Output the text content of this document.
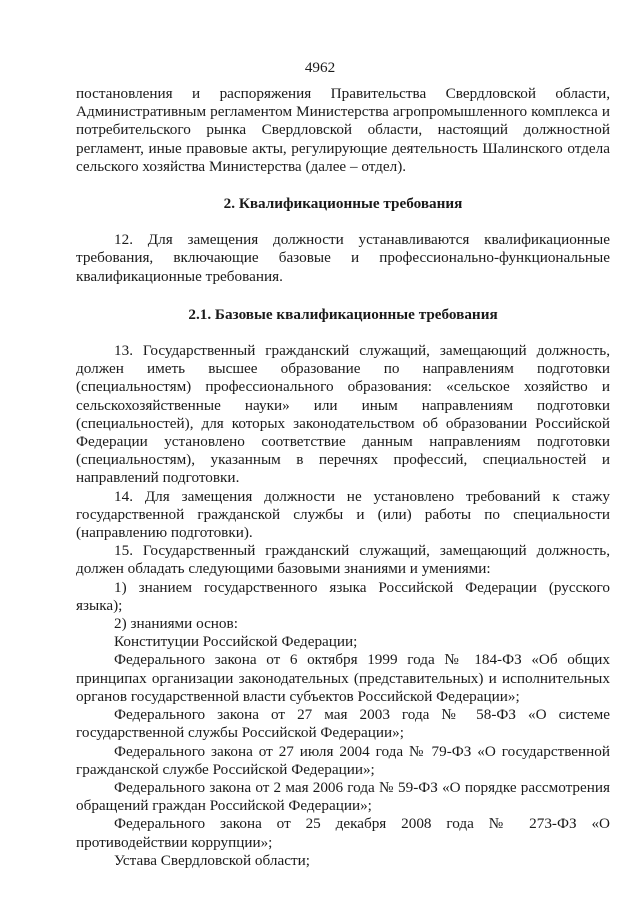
4962

постановления и распоряжения Правительства Свердловской области, Административным регламентом Министерства агропромышленного комплекса и потребительского рынка Свердловской области, настоящий должностной регламент, иные правовые акты, регулирующие деятельность Шалинского отдела сельского хозяйства Министерства (далее – отдел).

2. Квалификационные требования

12. Для замещения должности устанавливаются квалификационные требования, включающие базовые и профессионально-функциональные квалификационные требования.

2.1. Базовые квалификационные требования

13. Государственный гражданский служащий, замещающий должность, должен иметь высшее образование по направлениям подготовки (специальностям) профессионального образования: «сельское хозяйство и сельскохозяйственные науки» или иным направлениям подготовки (специальностей), для которых законодательством об образовании Российской Федерации установлено соответствие данным направлениям подготовки (специальностям), указанным в перечнях профессий, специальностей и направлений подготовки.

14. Для замещения должности не установлено требований к стажу государственной гражданской службы и (или) работы по специальности (направлению подготовки).

15. Государственный гражданский служащий, замещающий должность, должен обладать следующими базовыми знаниями и умениями:

1) знанием государственного языка Российской Федерации (русского языка);

2) знаниями основ:

Конституции Российской Федерации;

Федерального закона от 6 октября 1999 года № 184-ФЗ «Об общих принципах организации законодательных (представительных) и исполнительных органов государственной власти субъектов Российской Федерации»;

Федерального закона от 27 мая 2003 года № 58-ФЗ «О системе государственной службы Российской Федерации»;

Федерального закона от 27 июля 2004 года № 79-ФЗ «О государственной гражданской службе Российской Федерации»;

Федерального закона от 2 мая 2006 года № 59-ФЗ «О порядке рассмотрения обращений граждан Российской Федерации»;

Федерального закона от 25 декабря 2008 года № 273-ФЗ «О противодействии коррупции»;

Устава Свердловской области;
